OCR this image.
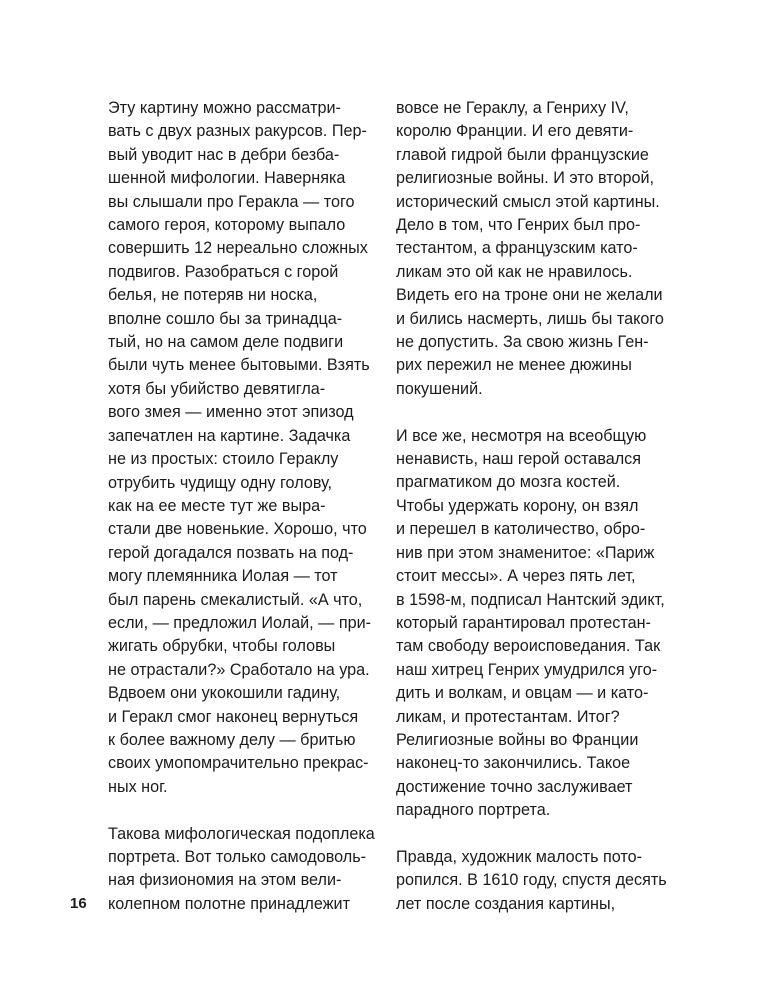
Эту картину можно рассматри-
вать с двух разных ракурсов. Пер-
вый уводит нас в дебри безба-
шенной мифологии. Наверняка
вы слышали про Геракла — того
самого героя, которому выпало
совершить 12 нереально сложных
подвигов. Разобраться с горой
белья, не потеряв ни носка,
вполне сошло бы за тринадца-
тый, но на самом деле подвиги
были чуть менее бытовыми. Взять
хотя бы убийство девятигла-
вого змея — именно этот эпизод
запечатлен на картине. Задачка
не из простых: стоило Гераклу
отрубить чудищу одну голову,
как на ее месте тут же выра-
стали две новенькие. Хорошо, что
герой догадался позвать на под-
могу племянника Иолая — тот
был парень смекалистый. «А что,
если, — предложил Иолай, — при-
жигать обрубки, чтобы головы
не отрастали?» Сработало на ура.
Вдвоем они укокошили гадину,
и Геракл смог наконец вернуться
к более важному делу — бритью
своих умопомрачительно прекрас-
ных ног.
Такова мифологическая подоплека
портрета. Вот только самодоволь-
ная физиономия на этом вели-
колепном полотне принадлежит
вовсе не Гераклу, а Генриху IV,
королю Франции. И его девяти-
главой гидрой были французские
религиозные войны. И это второй,
исторический смысл этой картины.
Дело в том, что Генрих был про-
тестантом, а французским като-
ликам это ой как не нравилось.
Видеть его на троне они не желали
и бились насмерть, лишь бы такого
не допустить. За свою жизнь Ген-
рих пережил не менее дюжины
покушений.
И все же, несмотря на всеобщую
ненависть, наш герой оставался
прагматиком до мозга костей.
Чтобы удержать корону, он взял
и перешел в католичество, обро-
нив при этом знаменитое: «Париж
стоит мессы». А через пять лет,
в 1598-м, подписал Нантский эдикт,
который гарантировал протестан-
там свободу вероисповедания. Так
наш хитрец Генрих умудрился уго-
дить и волкам, и овцам — и като-
ликам, и протестантам. Итог?
Религиозные войны во Франции
наконец-то закончились. Такое
достижение точно заслуживает
парадного портрета.
Правда, художник малость пото-
ропился. В 1610 году, спустя десять
лет после создания картины,
16
